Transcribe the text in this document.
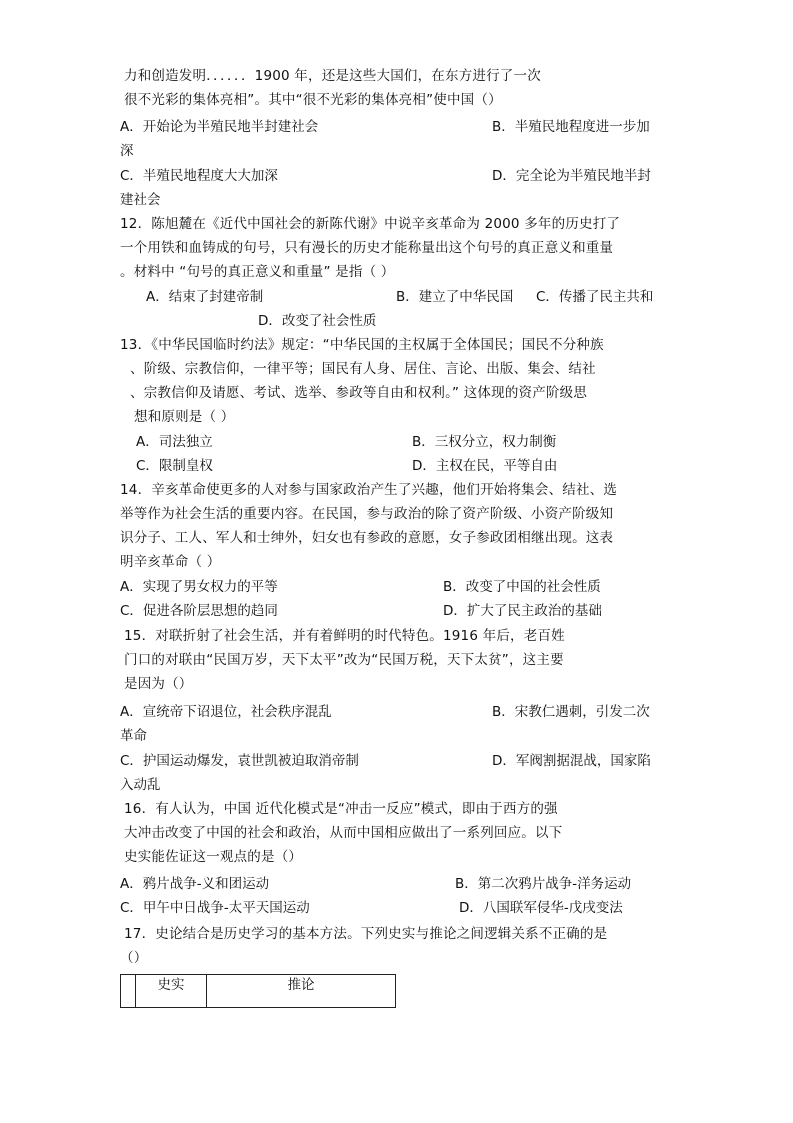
力和创造发明．．．．．．1900 年，还是这些大国们，在东方进行了一次
很不光彩的集体亮相”。其中“很不光彩的集体亮相”使中国（）
A．开始论为半殖民地半封建社会	B．半殖民地程度进一步加
深
C．半殖民地程度大大加深	D．完全论为半殖民地半封
建社会
12．陈旭麓在《近代中国社会的新陈代谢》中说辛亥革命为 2000 多年的历史打了
一个用铁和血铸成的句号，只有漫长的历史才能称量出这个句号的真正意义和重量
。材料中 “句号的真正意义和重量” 是指（ ）
A．结束了封建帝制	B．建立了中华民国 C．传播了民主共和
D．改变了社会性质
13．《中华民国临时约法》规定：“中华民国的主权属于全体国民；国民不分种族
、阶级、宗教信仰，一律平等；国民有人身、居住、言论、出版、集会、结社
、宗教信仰及请愿、考试、选举、参政等自由和权利。” 这体现的资产阶级思
想和原则是（ ）
A．司法独立	B．三权分立，权力制衡
C．限制皇权	D．主权在民，平等自由
14．辛亥革命使更多的人对参与国家政治产生了兴趣，他们开始将集会、结社、选
举等作为社会生活的重要内容。在民国，参与政治的除了资产阶级、小资产阶级知
识分子、工人、军人和士绅外，妇女也有参政的意愿，女子参政团相继出现。这表
明辛亥革命（ ）
A．实现了男女权力的平等	B．改变了中国的社会性质
C．促进各阶层思想的趋同	D．扩大了民主政治的基础
15．对联折射了社会生活，并有着鲜明的时代特色。1916 年后，老百姓
门口的对联由“民国万岁，天下太平”改为“民国万税，天下太贫”，这主要
是因为（）
A．宣统帝下诏退位，社会秩序混乱	B．宋教仁遇刺，引发二次
革命
C．护国运动爆发，袁世凯被迫取消帝制	D．军阀割据混战，国家陷
入动乱
16．有人认为，中国 近代化模式是“冲击一反应”模式，即由于西方的强
大冲击改变了中国的社会和政治，从而中国相应做出了一系列回应。以下
史实能佐证这一观点的是（）
A．鸦片战争-义和团运动	B．第二次鸦片战争-洋务运动
C．甲午中日战争-太平天国运动	D．八国联军侵华-戊戌变法
17．史论结合是历史学习的基本方法。下列史实与推论之间逻辑关系不正确的是
（）
	史实	推论
